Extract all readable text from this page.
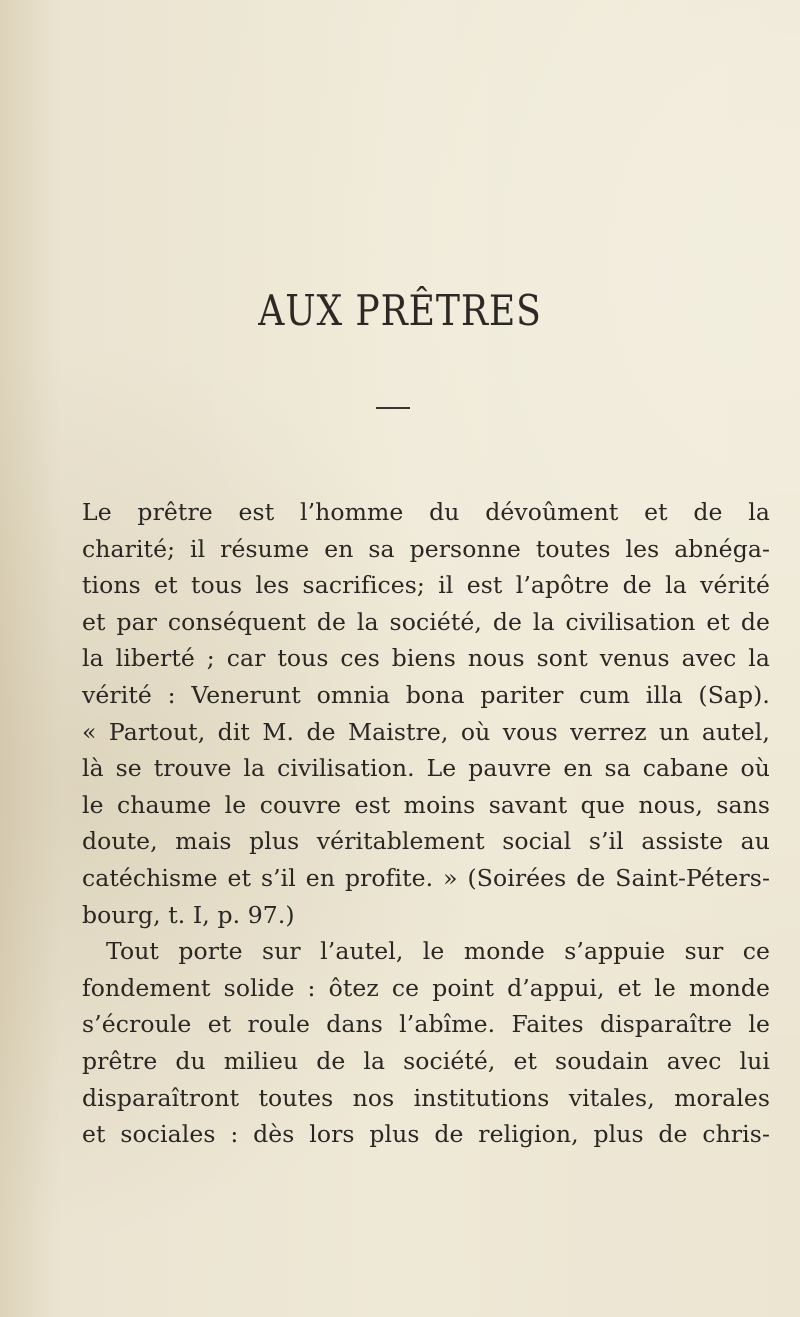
AUX PRÊTRES
Le prêtre est l’homme du dévoûment et de la
charité; il résume en sa personne toutes les abnéga-
tions et tous les sacrifices; il est l’apôtre de la vérité
et par conséquent de la société, de la civilisation et de
la liberté ; car tous ces biens nous sont venus avec la
vérité : Venerunt omnia bona pariter cum illa (Sap).
« Partout, dit M. de Maistre, où vous verrez un autel,
là se trouve la civilisation. Le pauvre en sa cabane où
le chaume le couvre est moins savant que nous, sans
doute, mais plus véritablement social s’il assiste au
catéchisme et s’il en profite. » (Soirées de Saint-Péters-
bourg, t. I, p. 97.)
Tout porte sur l’autel, le monde s’appuie sur ce
fondement solide : ôtez ce point d’appui, et le monde
s’écroule et roule dans l’abîme. Faites disparaître le
prêtre du milieu de la société, et soudain avec lui
disparaîtront toutes nos institutions vitales, morales
et sociales : dès lors plus de religion, plus de chris-
